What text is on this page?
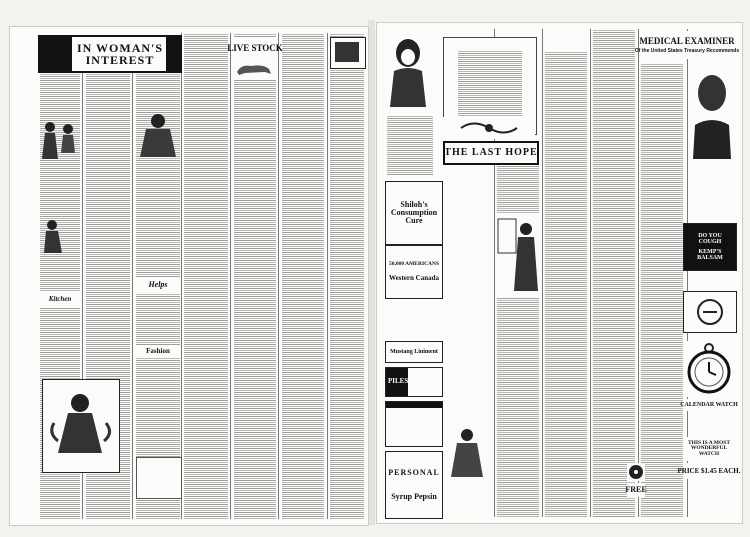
IN WOMAN'S INTEREST
LIVE STOCK
Kitchen
Helps
Fashion
THE LAST HOPE
Shiloh's Consumption Cure
50,000 AMERICANS
Western Canada
Mustang Liniment
PILES
PERSONAL
Syrup Pepsin
MEDICAL EXAMINER
Of the United States Treasury Recommends
DO YOU COUGH
KEMP'S BALSAM
CALENDAR WATCH
THIS IS A MOST WONDERFUL WATCH
PRICE $1.45 EACH.
FREE
